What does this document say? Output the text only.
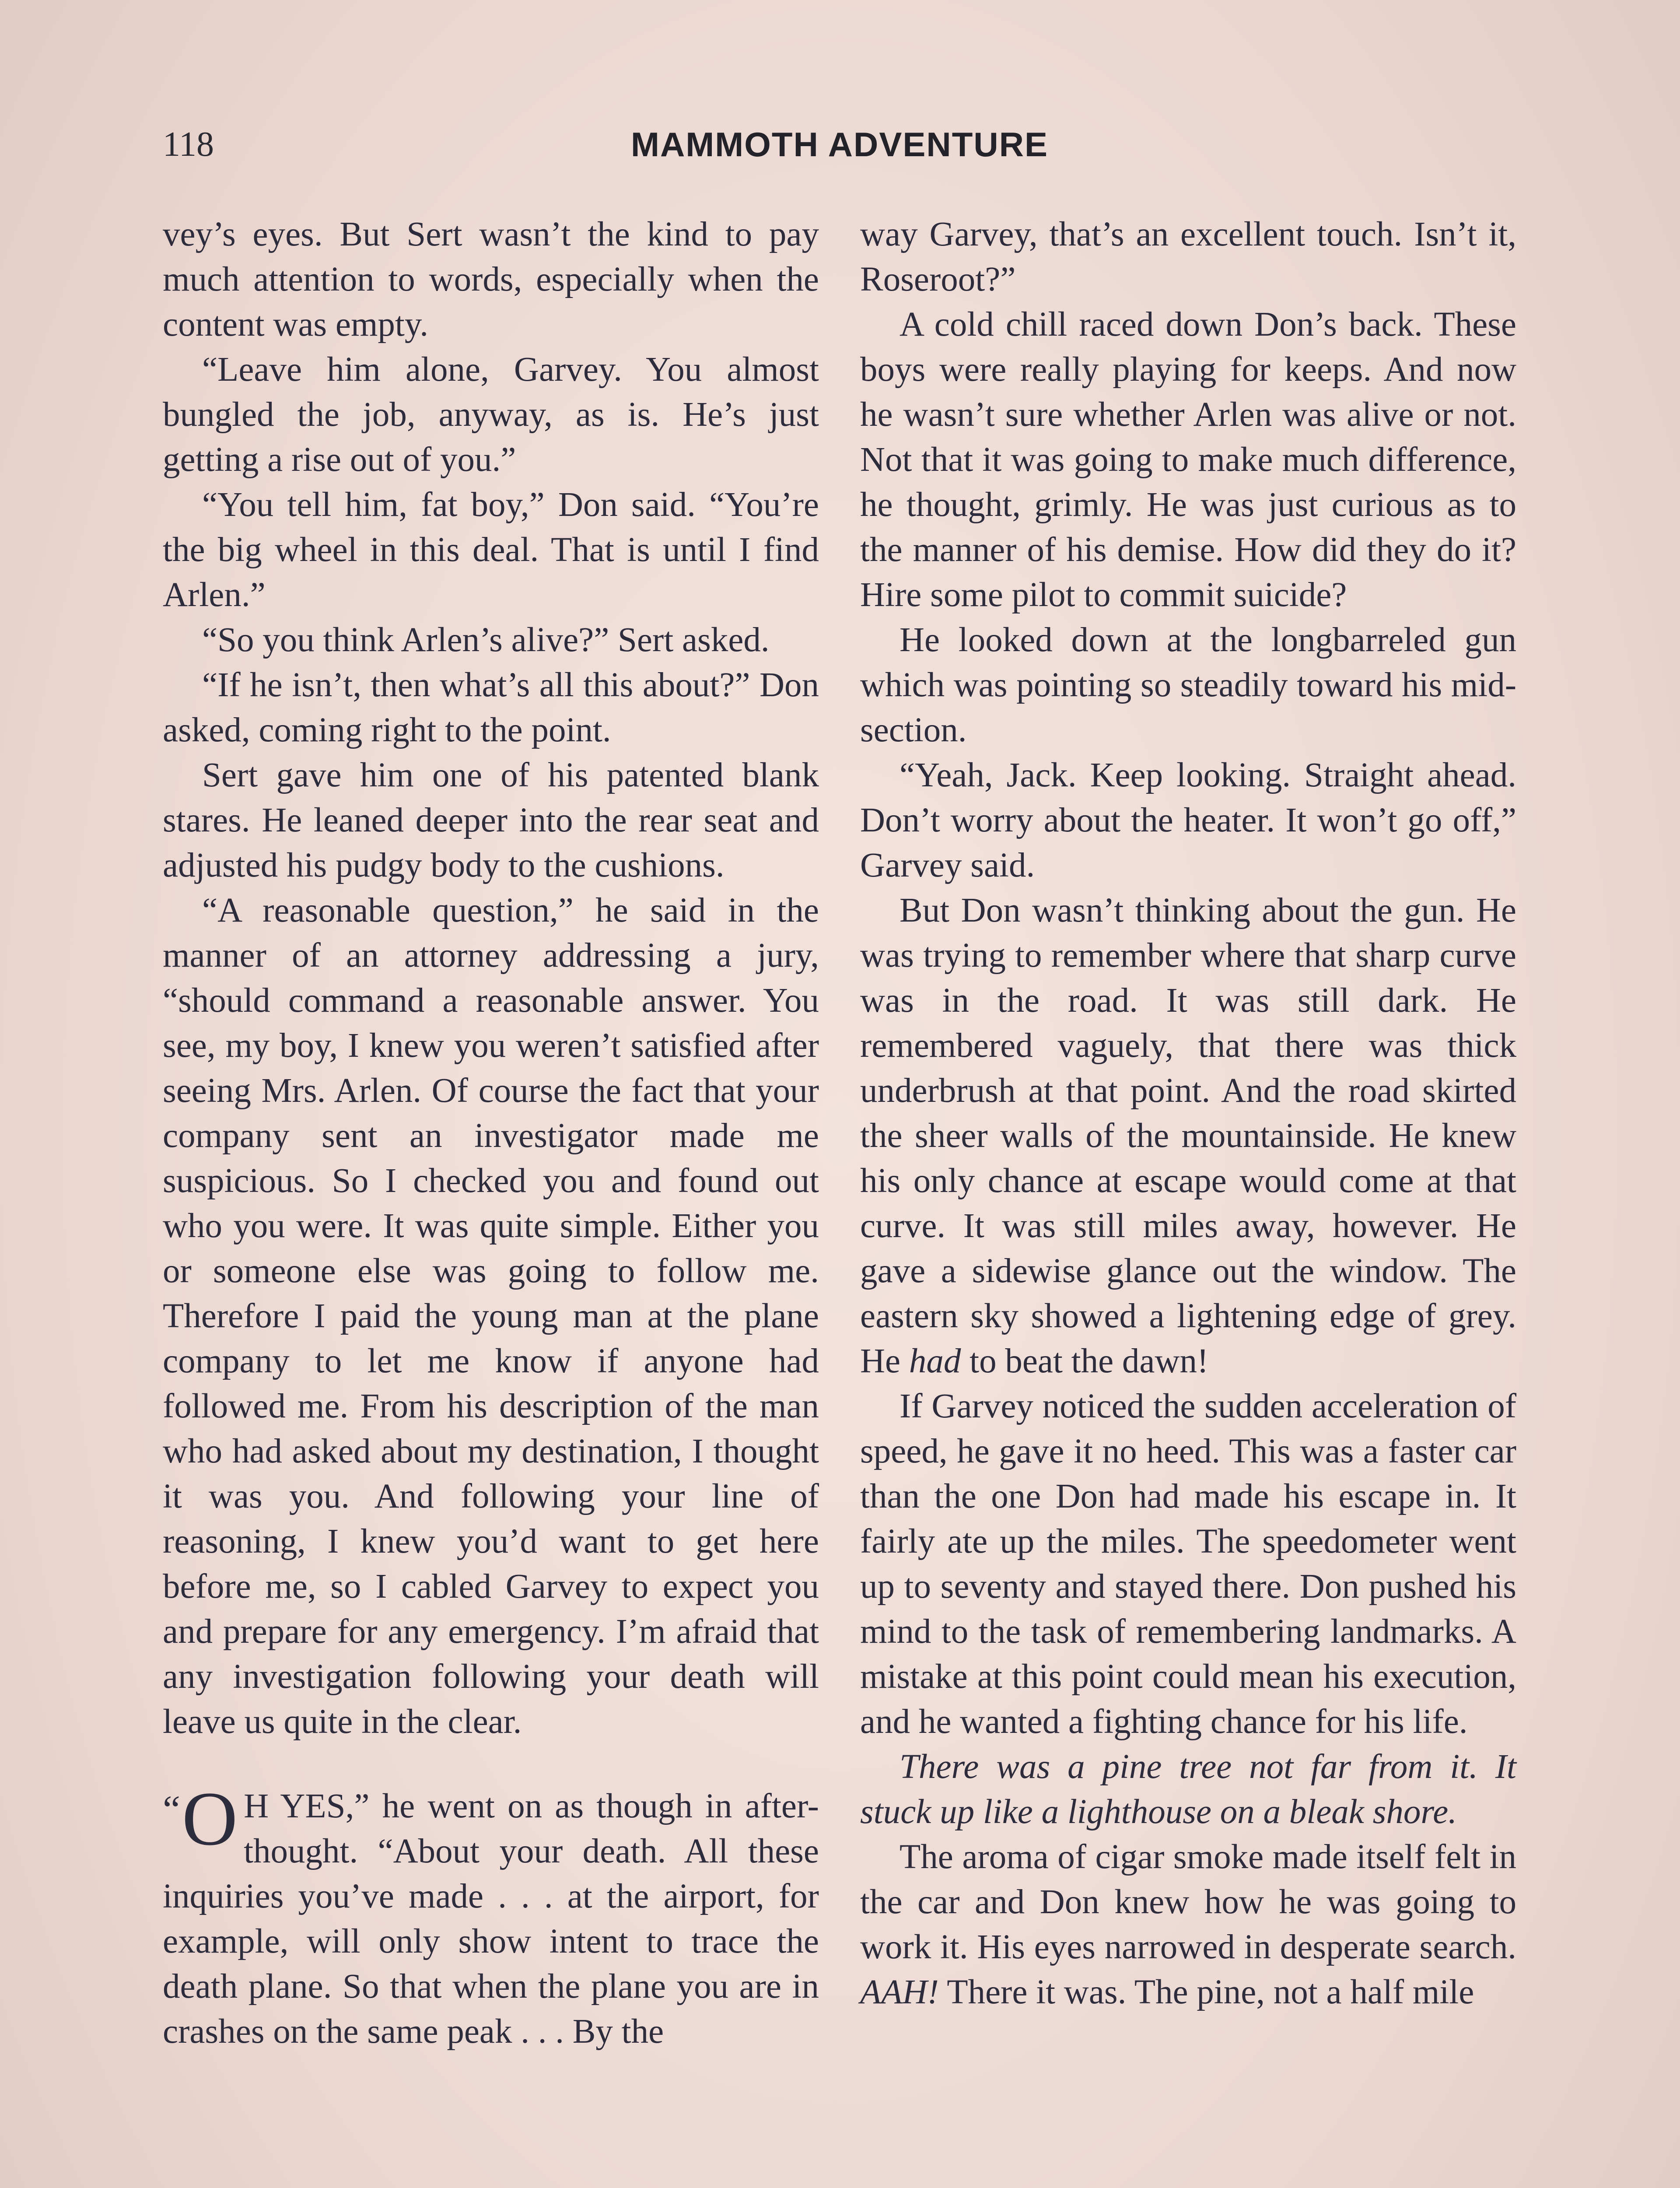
118	MAMMOTH ADVENTURE

vey’s eyes. But Sert wasn’t the kind to pay much attention to words, especially when the content was empty.

“Leave him alone, Garvey. You almost bungled the job, anyway, as is. He’s just getting a rise out of you.”

“You tell him, fat boy,” Don said. “You’re the big wheel in this deal. That is until I find Arlen.”

“So you think Arlen’s alive?” Sert asked.

“If he isn’t, then what’s all this about?” Don asked, coming right to the point.

Sert gave him one of his patented blank stares. He leaned deeper into the rear seat and adjusted his pudgy body to the cushions.

“A reasonable question,” he said in the manner of an attorney addressing a jury, “should command a reasonable answer. You see, my boy, I knew you weren’t satisfied after seeing Mrs. Arlen. Of course the fact that your company sent an investigator made me suspicious. So I checked you and found out who you were. It was quite simple. Either you or someone else was going to follow me. Therefore I paid the young man at the plane company to let me know if anyone had followed me. From his description of the man who had asked about my destination, I thought it was you. And following your line of reasoning, I knew you’d want to get here before me, so I cabled Garvey to expect you and prepare for any emergency. I’m afraid that any investigation following your death will leave us quite in the clear.

“ O H YES,” he went on as though in after-thought. “About your death. All these inquiries you’ve made . . . at the airport, for example, will only show intent to trace the death plane. So that when the plane you are in crashes on the same peak . . . By the

way Garvey, that’s an excellent touch. Isn’t it, Roseroot?”

A cold chill raced down Don’s back. These boys were really playing for keeps. And now he wasn’t sure whether Arlen was alive or not. Not that it was going to make much difference, he thought, grimly. He was just curious as to the manner of his demise. How did they do it? Hire some pilot to commit suicide?

He looked down at the longbarreled gun which was pointing so steadily toward his mid-section.

“Yeah, Jack. Keep looking. Straight ahead. Don’t worry about the heater. It won’t go off,” Garvey said.

But Don wasn’t thinking about the gun. He was trying to remember where that sharp curve was in the road. It was still dark. He remembered vaguely, that there was thick underbrush at that point. And the road skirted the sheer walls of the mountainside. He knew his only chance at escape would come at that curve. It was still miles away, however. He gave a sidewise glance out the window. The eastern sky showed a lightening edge of grey. He had to beat the dawn!

If Garvey noticed the sudden acceleration of speed, he gave it no heed. This was a faster car than the one Don had made his escape in. It fairly ate up the miles. The speedometer went up to seventy and stayed there. Don pushed his mind to the task of remembering landmarks. A mistake at this point could mean his execution, and he wanted a fighting chance for his life.

There was a pine tree not far from it. It stuck up like a lighthouse on a bleak shore.

The aroma of cigar smoke made itself felt in the car and Don knew how he was going to work it. His eyes narrowed in desperate search. AAH! There it was. The pine, not a half mile
